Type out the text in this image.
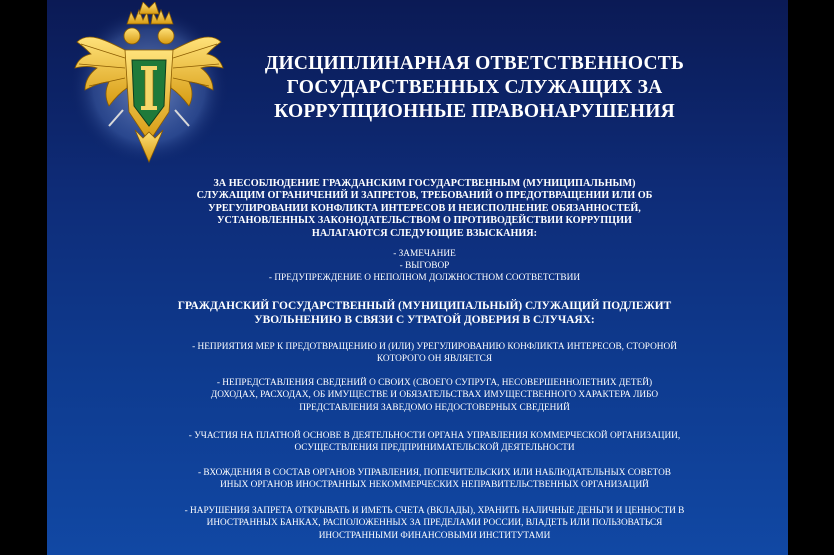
ДИСЦИПЛИНАРНАЯ ОТВЕТСТВЕННОСТЬ
ГОСУДАРСТВЕННЫХ СЛУЖАЩИХ ЗА
КОРРУПЦИОННЫЕ ПРАВОНАРУШЕНИЯ
ЗА НЕСОБЛЮДЕНИЕ ГРАЖДАНСКИМ ГОСУДАРСТВЕННЫМ (МУНИЦИПАЛЬНЫМ)
СЛУЖАЩИМ ОГРАНИЧЕНИЙ И ЗАПРЕТОВ, ТРЕБОВАНИЙ О ПРЕДОТВРАЩЕНИИ ИЛИ ОБ
УРЕГУЛИРОВАНИИ КОНФЛИКТА ИНТЕРЕСОВ И НЕИСПОЛНЕНИЕ ОБЯЗАННОСТЕЙ,
УСТАНОВЛЕННЫХ ЗАКОНОДАТЕЛЬСТВОМ О ПРОТИВОДЕЙСТВИИ КОРРУПЦИИ
НАЛАГАЮТСЯ СЛЕДУЮЩИЕ ВЗЫСКАНИЯ:
- ЗАМЕЧАНИЕ
- ВЫГОВОР
- ПРЕДУПРЕЖДЕНИЕ О НЕПОЛНОМ ДОЛЖНОСТНОМ СООТВЕТСТВИИ
ГРАЖДАНСКИЙ ГОСУДАРСТВЕННЫЙ (МУНИЦИПАЛЬНЫЙ) СЛУЖАЩИЙ ПОДЛЕЖИТ
УВОЛЬНЕНИЮ В СВЯЗИ С УТРАТОЙ ДОВЕРИЯ В СЛУЧАЯХ:
- НЕПРИЯТИЯ МЕР К ПРЕДОТВРАЩЕНИЮ И (ИЛИ) УРЕГУЛИРОВАНИЮ КОНФЛИКТА ИНТЕРЕСОВ, СТОРОНОЙ
КОТОРОГО ОН ЯВЛЯЕТСЯ
- НЕПРЕДСТАВЛЕНИЯ СВЕДЕНИЙ О СВОИХ (СВОЕГО СУПРУГА, НЕСОВЕРШЕННОЛЕТНИХ ДЕТЕЙ)
ДОХОДАХ, РАСХОДАХ, ОБ ИМУЩЕСТВЕ И ОБЯЗАТЕЛЬСТВАХ ИМУЩЕСТВЕННОГО ХАРАКТЕРА ЛИБО
ПРЕДСТАВЛЕНИЯ ЗАВЕДОМО НЕДОСТОВЕРНЫХ СВЕДЕНИЙ
- УЧАСТИЯ НА ПЛАТНОЙ ОСНОВЕ В ДЕЯТЕЛЬНОСТИ ОРГАНА УПРАВЛЕНИЯ КОММЕРЧЕСКОЙ ОРГАНИЗАЦИИ,
ОСУЩЕСТВЛЕНИЯ ПРЕДПРИНИМАТЕЛЬСКОЙ ДЕЯТЕЛЬНОСТИ
- ВХОЖДЕНИЯ В СОСТАВ ОРГАНОВ УПРАВЛЕНИЯ, ПОПЕЧИТЕЛЬСКИХ ИЛИ НАБЛЮДАТЕЛЬНЫХ СОВЕТОВ
ИНЫХ ОРГАНОВ ИНОСТРАННЫХ НЕКОММЕРЧЕСКИХ НЕПРАВИТЕЛЬСТВЕННЫХ ОРГАНИЗАЦИЙ
- НАРУШЕНИЯ ЗАПРЕТА ОТКРЫВАТЬ И ИМЕТЬ СЧЕТА (ВКЛАДЫ), ХРАНИТЬ НАЛИЧНЫЕ ДЕНЬГИ И ЦЕННОСТИ В
ИНОСТРАННЫХ БАНКАХ, РАСПОЛОЖЕННЫХ ЗА ПРЕДЕЛАМИ РОССИИ, ВЛАДЕТЬ ИЛИ ПОЛЬЗОВАТЬСЯ
ИНОСТРАННЫМИ ФИНАНСОВЫМИ ИНСТИТУТАМИ
